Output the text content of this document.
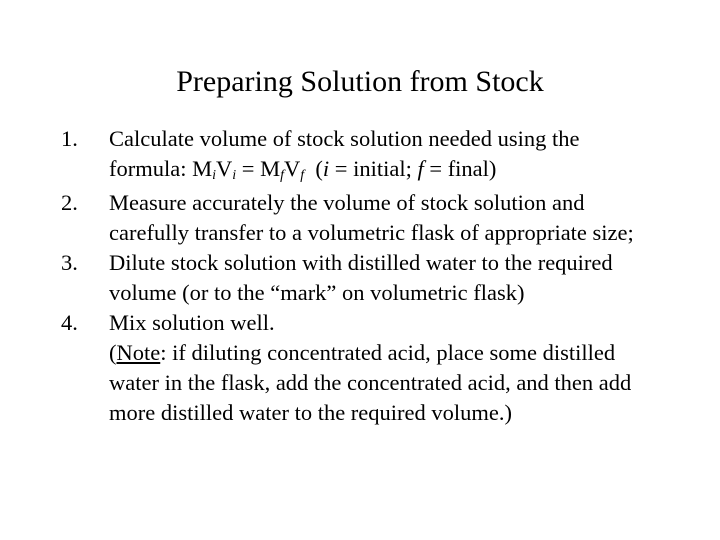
Preparing Solution from Stock
1. Calculate volume of stock solution needed using the formula: MiVi = MfVf  (i = initial; f = final)
2. Measure accurately the volume of stock solution and carefully transfer to a volumetric flask of appropriate size;
3. Dilute stock solution with distilled water to the required volume (or to the “mark” on volumetric flask)
4. Mix solution well.
(Note: if diluting concentrated acid, place some distilled water in the flask, add the concentrated acid, and then add more distilled water to the required volume.)
